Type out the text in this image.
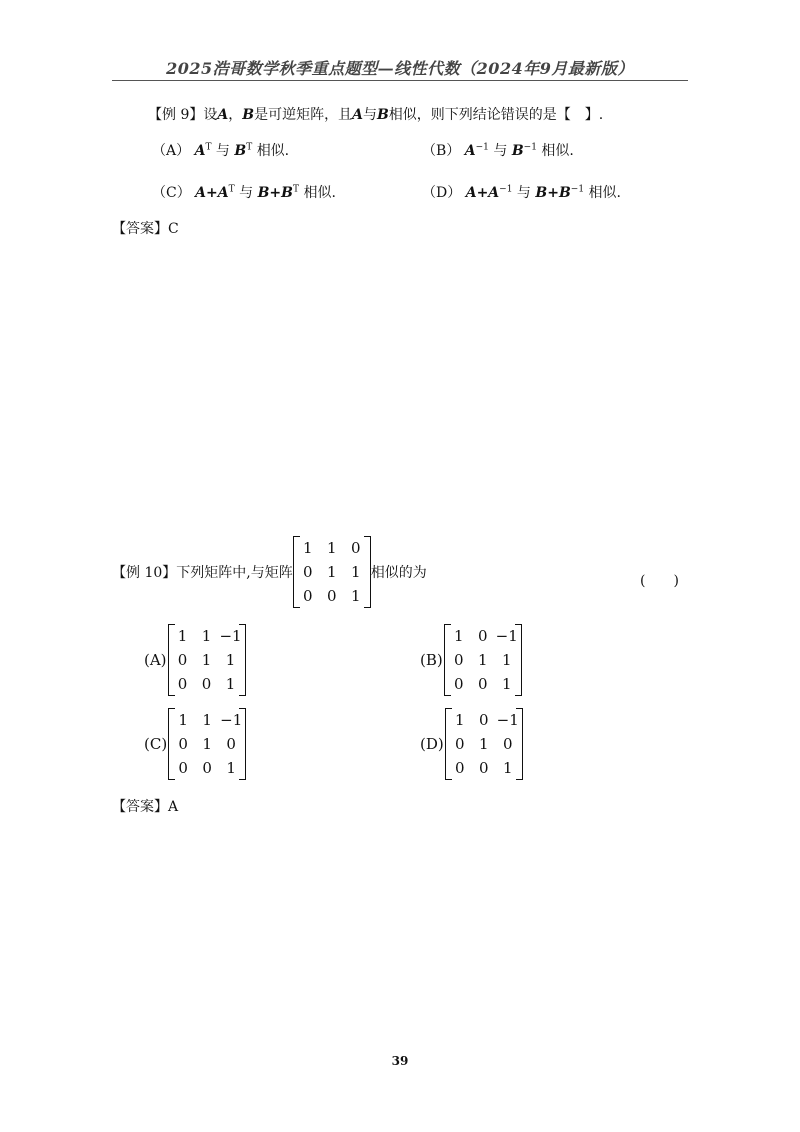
2025浩哥数学秋季重点题型—线性代数（2024年9月最新版）
【例 9】设A，B是可逆矩阵，且A与B相似，则下列结论错误的是【　】.
（A） $A^T$ 与 $B^T$ 相似.	（B） $A^{-1}$ 与 $B^{-1}$ 相似.
（C） $A+A^T$ 与 $B+B^T$ 相似.	（D） $A+A^{-1}$ 与 $B+B^{-1}$ 相似.
【答案】C
【例 10】 下列矩阵中,与矩阵
1 1 0
0 1 1
0 0 1
相似的为	(　　)
(A)
1 1 −1
0 1 1
0 0 1
(B)
1 0 −1
0 1 1
0 0 1
(C)
1 1 −1
0 1 0
0 0 1
(D)
1 0 −1
0 1 0
0 0 1
【答案】A
39
